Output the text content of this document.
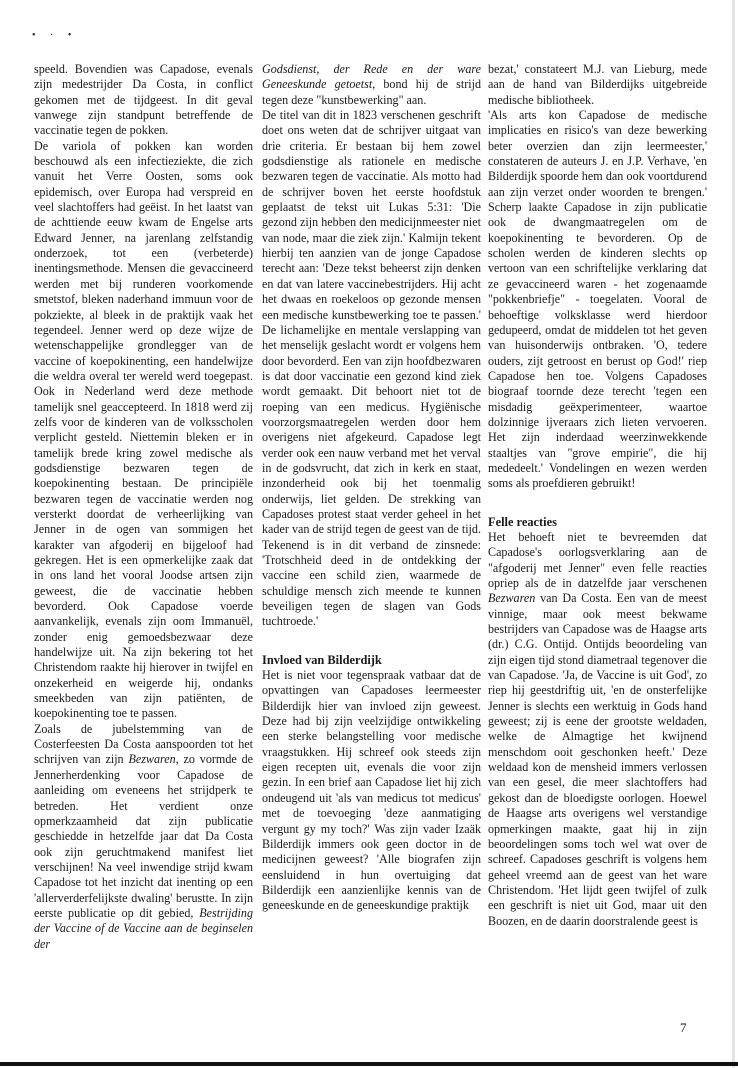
• · •

speeld. Bovendien was Capadose, evenals zijn medestrijder Da Costa, in conflict gekomen met de tijdgeest. In dit geval vanwege zijn standpunt betreffende de vaccinatie tegen de pokken.

De variola of pokken kan worden beschouwd als een infectieziekte, die zich vanuit het Verre Oosten, soms ook epidemisch, over Europa had verspreid en veel slachtoffers had geëist. In het laatst van de achttiende eeuw kwam de Engelse arts Edward Jenner, na jarenlang zelfstandig onderzoek, tot een (verbeterde) inentingsmethode. Mensen die gevaccineerd werden met bij runderen voorkomende smetstof, bleken naderhand immuun voor de pokziekte, al bleek in de praktijk vaak het tegendeel. Jenner werd op deze wijze de wetenschappelijke grondlegger van de vaccine of koepokinenting, een handelwijze die weldra overal ter wereld werd toegepast. Ook in Nederland werd deze methode tamelijk snel geaccepteerd. In 1818 werd zij zelfs voor de kinderen van de volksscholen verplicht gesteld. Niettemin bleken er in tamelijk brede kring zowel medische als godsdienstige bezwaren tegen de koepokinenting bestaan. De principiële bezwaren tegen de vaccinatie werden nog versterkt doordat de verheerlijking van Jenner in de ogen van sommigen het karakter van afgoderij en bijgeloof had gekregen. Het is een opmerkelijke zaak dat in ons land het vooral Joodse artsen zijn geweest, die de vaccinatie hebben bevorderd. Ook Capadose voerde aanvankelijk, evenals zijn oom Immanuël, zonder enig gemoedsbezwaar deze handelwijze uit. Na zijn bekering tot het Christendom raakte hij hierover in twijfel en onzekerheid en weigerde hij, ondanks smeekbeden van zijn patiënten, de koepokinenting toe te passen.

Zoals de jubelstemming van de Costerfeesten Da Costa aanspoorden tot het schrijven van zijn Bezwaren, zo vormde de Jennerherdenking voor Capadose de aanleiding om eveneens het strijdperk te betreden. Het verdient onze opmerkzaamheid dat zijn publicatie geschiedde in hetzelfde jaar dat Da Costa ook zijn geruchtmakend manifest liet verschijnen! Na veel inwendige strijd kwam Capadose tot het inzicht dat inenting op een 'allerverderfelijkste dwaling' berustte. In zijn eerste publicatie op dit gebied, Bestrijding der Vaccine of de Vaccine aan de beginselen der

Godsdienst, der Rede en der ware Geneeskunde getoetst, bond hij de strijd tegen deze "kunstbewerking" aan.

De titel van dit in 1823 verschenen geschrift doet ons weten dat de schrijver uitgaat van drie criteria. Er bestaan bij hem zowel godsdienstige als rationele en medische bezwaren tegen de vaccinatie. Als motto had de schrijver boven het eerste hoofdstuk geplaatst de tekst uit Lukas 5:31: 'Die gezond zijn hebben den medicijnmeester niet van node, maar die ziek zijn.' Kalmijn tekent hierbij ten aanzien van de jonge Capadose terecht aan: 'Deze tekst beheerst zijn denken en dat van latere vaccinebestrijders. Hij acht het dwaas en roekeloos op gezonde mensen een medische kunstbewerking toe te passen.' De lichamelijke en mentale verslapping van het menselijk geslacht wordt er volgens hem door bevorderd. Een van zijn hoofdbezwaren is dat door vaccinatie een gezond kind ziek wordt gemaakt. Dit behoort niet tot de roeping van een medicus. Hygiënische voorzorgsmaatregelen werden door hem overigens niet afgekeurd. Capadose legt verder ook een nauw verband met het verval in de godsvrucht, dat zich in kerk en staat, inzonderheid ook bij het toenmalig onderwijs, liet gelden. De strekking van Capadoses protest staat verder geheel in het kader van de strijd tegen de geest van de tijd. Tekenend is in dit verband de zinsnede: 'Trotschheid deed in de ontdekking der vaccine een schild zien, waarmede de schuldige mensch zich meende te kunnen beveiligen tegen de slagen van Gods tuchtroede.'

Invloed van Bilderdijk

Het is niet voor tegenspraak vatbaar dat de opvattingen van Capadoses leermeester Bilderdijk hier van invloed zijn geweest. Deze had bij zijn veelzijdige ontwikkeling een sterke belangstelling voor medische vraagstukken. Hij schreef ook steeds zijn eigen recepten uit, evenals die voor zijn gezin. In een brief aan Capadose liet hij zich ondeugend uit 'als van medicus tot medicus' met de toevoeging 'deze aanmatiging vergunt gy my toch?' Was zijn vader Izaäk Bilderdijk immers ook geen doctor in de medicijnen geweest? 'Alle biografen zijn eensluidend in hun overtuiging dat Bilderdijk een aanzienlijke kennis van de geneeskunde en de geneeskundige praktijk

bezat,' constateert M.J. van Lieburg, mede aan de hand van Bilderdijks uitgebreide medische bibliotheek.

'Als arts kon Capadose de medische implicaties en risico's van deze bewerking beter overzien dan zijn leermeester,' constateren de auteurs J. en J.P. Verhave, 'en Bilderdijk spoorde hem dan ook voortdurend aan zijn verzet onder woorden te brengen.' Scherp laakte Capadose in zijn publicatie ook de dwangmaatregelen om de koepokinenting te bevorderen. Op de scholen werden de kinderen slechts op vertoon van een schriftelijke verklaring dat ze gevaccineerd waren - het zogenaamde "pokkenbriefje" - toegelaten. Vooral de behoeftige volksklasse werd hierdoor gedupeerd, omdat de middelen tot het geven van huisonderwijs ontbraken. 'O, tedere ouders, zijt getroost en berust op God!' riep Capadose hen toe. Volgens Capadoses biograaf toornde deze terecht 'tegen een misdadig geëxperimenteer, waartoe dolzinnige ijveraars zich lieten vervoeren. Het zijn inderdaad weerzinwekkende staaltjes van "grove empirie", die hij mededeelt.' Vondelingen en wezen werden soms als proefdieren gebruikt!

Felle reacties

Het behoeft niet te bevreemden dat Capadose's oorlogsverklaring aan de "afgoderij met Jenner" even felle reacties opriep als de in datzelfde jaar verschenen Bezwaren van Da Costa. Een van de meest vinnige, maar ook meest bekwame bestrijders van Capadose was de Haagse arts (dr.) C.G. Ontijd. Ontijds beoordeling van zijn eigen tijd stond diametraal tegenover die van Capadose. 'Ja, de Vaccine is uit God', zo riep hij geestdriftig uit, 'en de onsterfelijke Jenner is slechts een werktuig in Gods hand geweest; zij is eene der grootste weldaden, welke de Almagtige het kwijnend menschdom ooit geschonken heeft.' Deze weldaad kon de mensheid immers verlossen van een gesel, die meer slachtoffers had gekost dan de bloedigste oorlogen. Hoewel de Haagse arts overigens wel verstandige opmerkingen maakte, gaat hij in zijn beoordelingen soms toch wel wat over de schreef. Capadoses geschrift is volgens hem geheel vreemd aan de geest van het ware Christendom. 'Het lijdt geen twijfel of zulk een geschrift is niet uit God, maar uit den Boozen, en de daarin doorstralende geest is

7
